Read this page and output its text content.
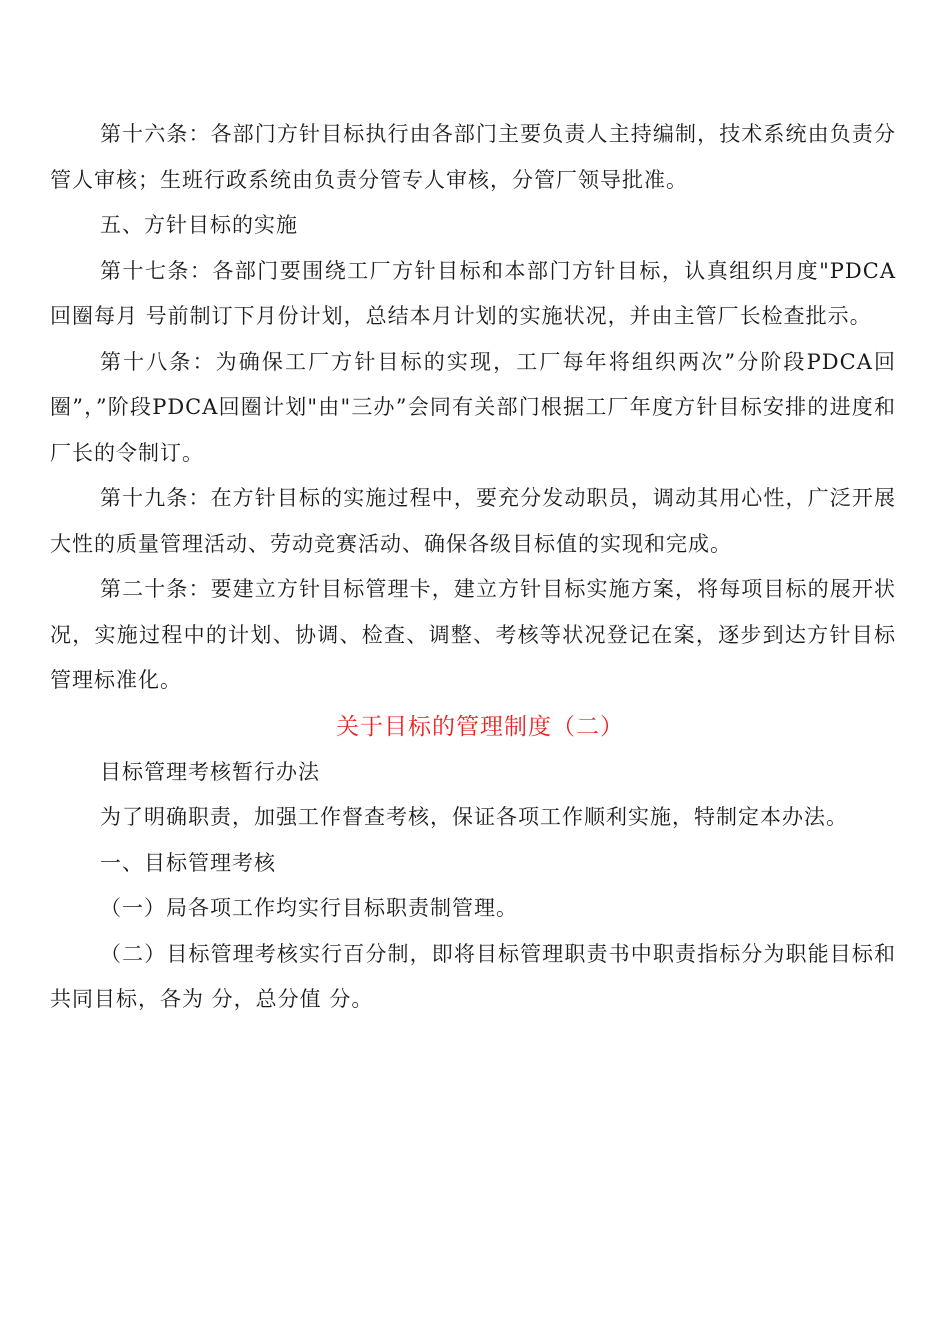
第十六条：各部门方针目标执行由各部门主要负责人主持编制，技术系统由负责分管人审核；生班行政系统由负责分管专人审核，分管厂领导批准。

五、方针目标的实施

第十七条：各部门要围绕工厂方针目标和本部门方针目标，认真组织月度"PDCA回圈每月 号前制订下月份计划，总结本月计划的实施状况，并由主管厂长检查批示。

第十八条：为确保工厂方针目标的实现，工厂每年将组织两次”分阶段PDCA回圈”，”阶段PDCA回圈计划"由"三办”会同有关部门根据工厂年度方针目标安排的进度和厂长的令制订。

第十九条：在方针目标的实施过程中，要充分发动职员，调动其用心性，广泛开展大性的质量管理活动、劳动竞赛活动、确保各级目标值的实现和完成。

第二十条：要建立方针目标管理卡，建立方针目标实施方案，将每项目标的展开状况，实施过程中的计划、协调、检查、调整、考核等状况登记在案，逐步到达方针目标管理标准化。

关于目标的管理制度（二）

目标管理考核暂行办法

为了明确职责，加强工作督查考核，保证各项工作顺利实施，特制定本办法。

一、目标管理考核

（一）局各项工作均实行目标职责制管理。

（二）目标管理考核实行百分制，即将目标管理职责书中职责指标分为职能目标和共同目标，各为 分，总分值 分。
